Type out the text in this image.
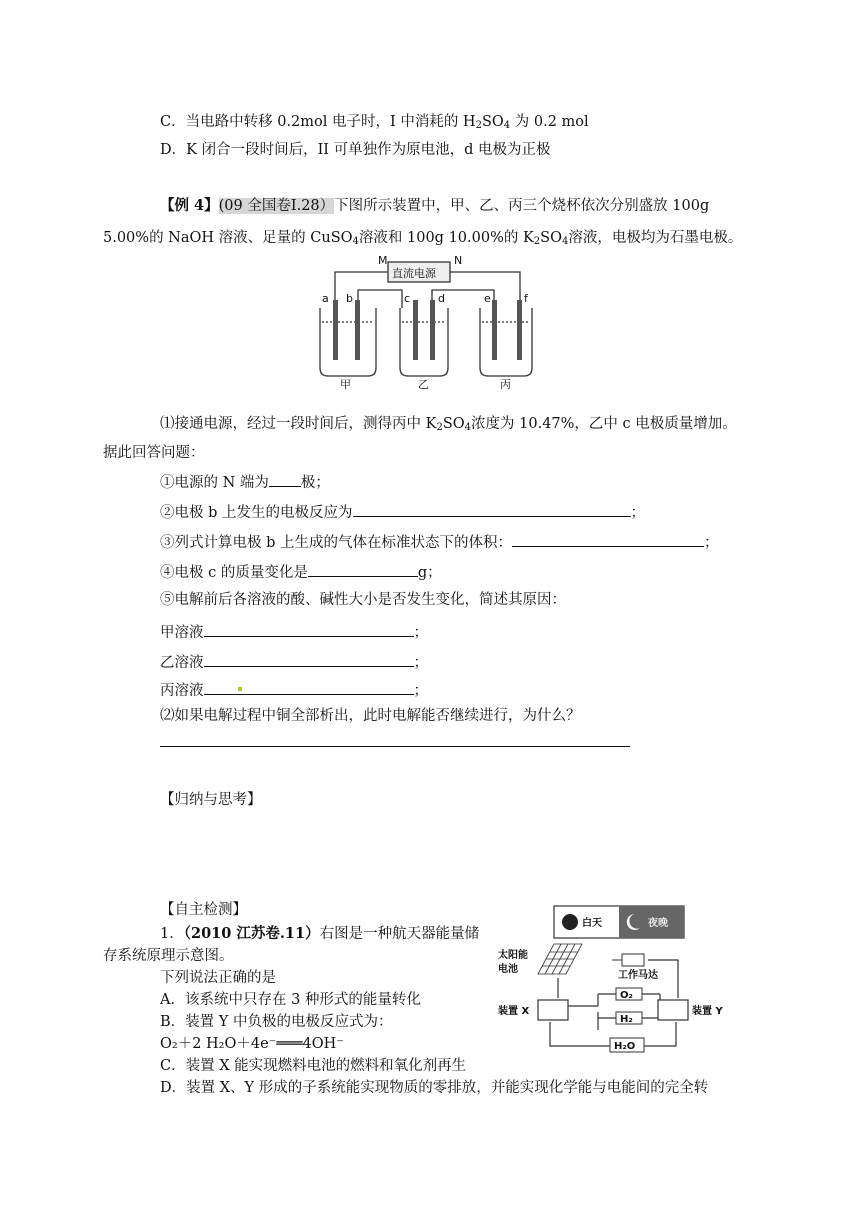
C．当电路中转移 0.2mol 电子时，I 中消耗的 $H_2SO_4$ 为 0.2 mol
D．K 闭合一段时间后，II 可单独作为原电池，d 电极为正极
【例 4】(09 全国卷Ⅰ.28）下图所示装置中，甲、乙、丙三个烧杯依次分别盛放 100g
5.00%的 NaOH 溶液、足量的 CuSO$_4$溶液和 100g 10.00%的 $K_2SO_4$溶液，电极均为石墨电极。
直流电源
M	N
a b	c	d	e	f
甲	乙	丙
⑴接通电源，经过一段时间后，测得丙中 $K_2SO_4$浓度为 10.47%，乙中 c 电极质量增加。
据此回答问题：
①电源的 N 端为 极；
②电极 b 上发生的电极反应为	；
③列式计算电极 b 上生成的气体在标准状态下的体积：	；
④电极 c 的质量变化是	g；
⑤电解前后各溶液的酸、碱性大小是否发生变化，简述其原因：
甲溶液	；
乙溶液	；
丙溶液	；
⑵如果电解过程中铜全部析出，此时电解能否继续进行，为什么？
【归纳与思考】
【自主检测】
1．（2010 江苏卷.11）右图是一种航天器能量储
存系统原理示意图。
下列说法正确的是
A．该系统中只存在 3 种形式的能量转化
B．装置 Y 中负极的电极反应式为：
O₂＋2 H₂O＋4e⁻═══4OH⁻
C．装置 X 能实现燃料电池的燃料和氧化剂再生
D．装置 X、Y 形成的子系统能实现物质的零排放，并能实现化学能与电能间的完全转
白天	夜晚
太阳能
电池
工作马达
装置 X	装置 Y
O₂
H₂
H₂O
